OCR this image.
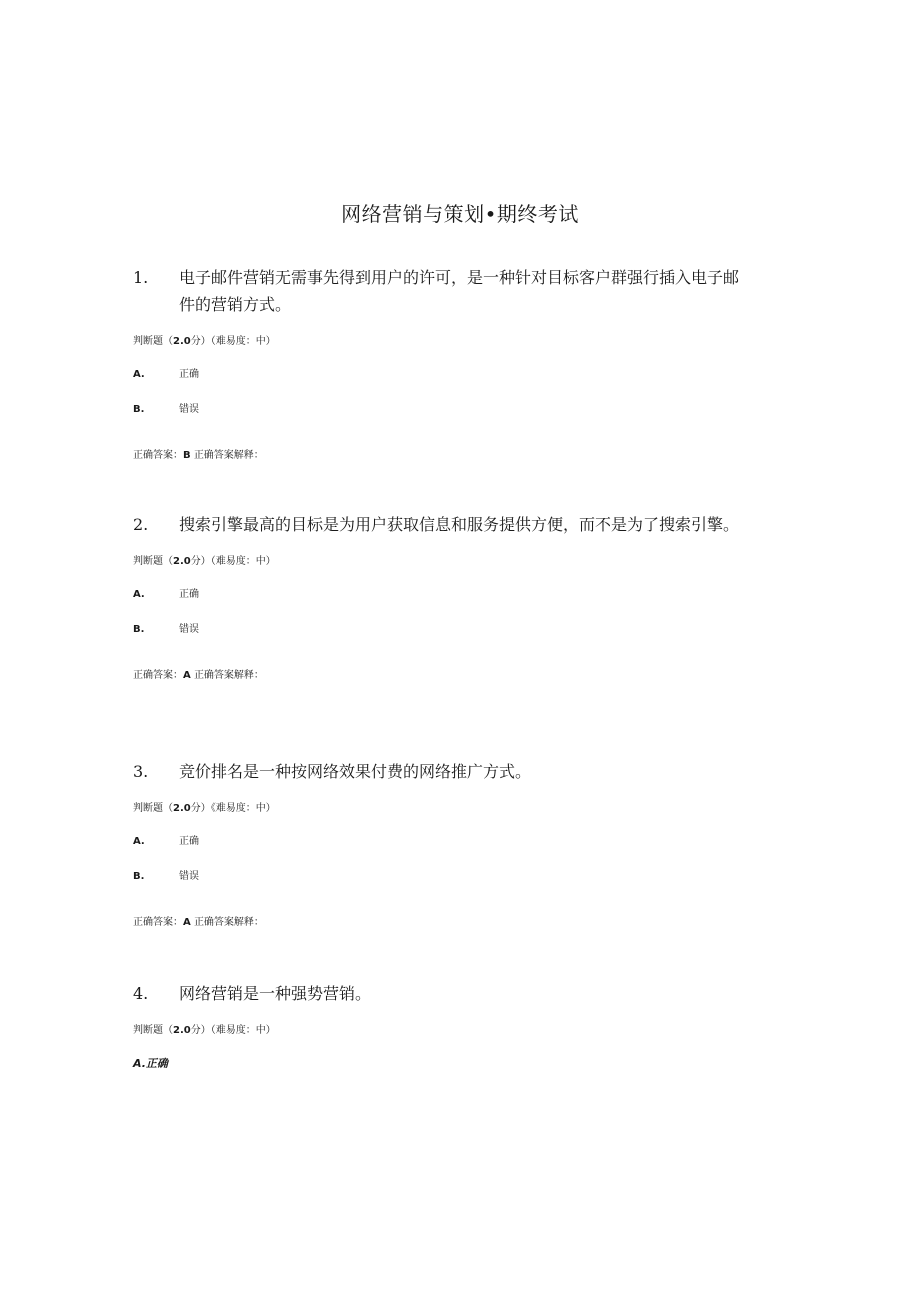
网络营销与策划•期终考试
1. 电子邮件营销无需事先得到用户的许可，是一种针对目标客户群强行插入电子邮件的营销方式。
判断题（2.0分）（难易度：中）
A.	正确
B.	错误
正确答案：B 正确答案解释：
2. 搜索引擎最高的目标是为用户获取信息和服务提供方便，而不是为了搜索引擎。
判断题（2.0分）（难易度：中）
A.	正确
B.	错误
正确答案：A 正确答案解释：
3. 竞价排名是一种按网络效果付费的网络推广方式。
判断题（2.0分）《难易度：中）
A.	正确
B.	错误
正确答案：A 正确答案解释：
4. 网络营销是一种强势营销。
判断题（2.0分）（难易度：中）
A.正确
